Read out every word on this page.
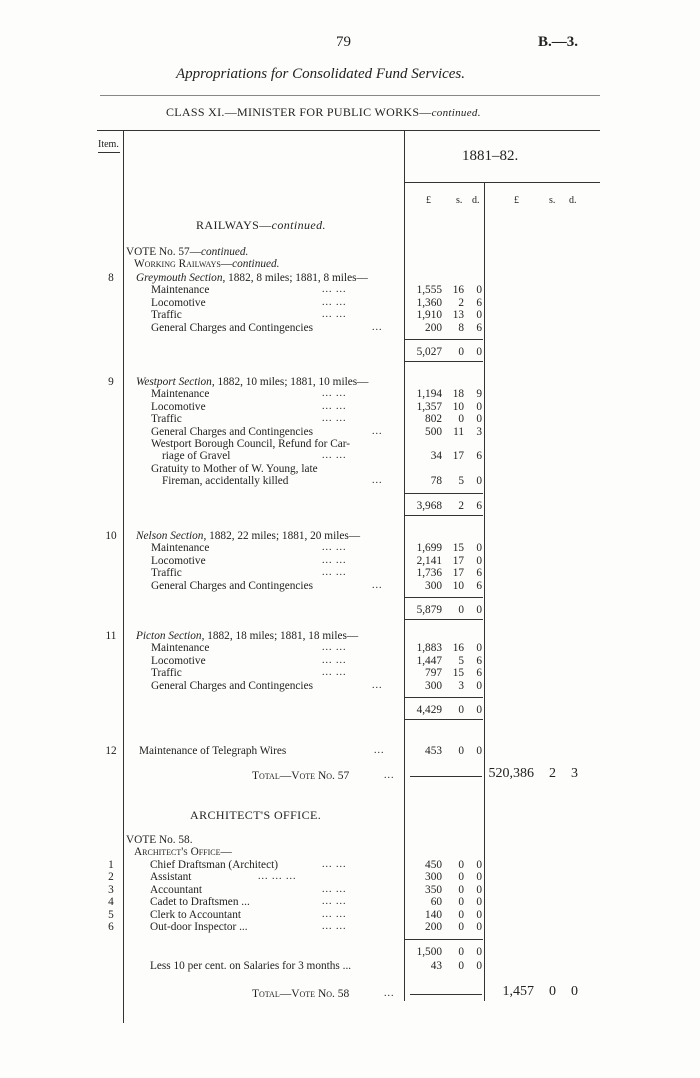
79	B.—3.
Appropriations for Consolidated Fund Services.
CLASS XI.—MINISTER FOR PUBLIC WORKS—continued.
Item.
1881–82.
£	s. d.	£	s. d.
RAILWAYS—continued.
VOTE No. 57—continued.
Working Railways—continued.
8	Greymouth Section, 1882, 8 miles; 1881, 8 miles—
Maintenance	... ...	1,555 16	0
Locomotive	... ...	1,360	2	6
Traffic	... ...	1,910 13	0
General Charges and Contingencies	...	200	8	6
5,027	0	0
9	Westport Section, 1882, 10 miles; 1881, 10 miles—
Maintenance	... ...	1,194 18	9
Locomotive	... ...	1,357 10	0
Traffic	... ...	802	0	0
General Charges and Contingencies	...	500 11	3
Westport Borough Council, Refund for Car-
riage of Gravel	... ...	34 17	6
Gratuity to Mother of W. Young, late
Fireman, accidentally killed	...	78	5	0
3,968	2	6
10 Nelson Section, 1882, 22 miles; 1881, 20 miles—
Maintenance	... ...	1,699 15	0
Locomotive	... ...	2,141 17	0
Traffic	... ...	1,736 17	6
General Charges and Contingencies	...	300 10	6
5,879	0	0
11 Picton Section, 1882, 18 miles; 1881, 18 miles—
Maintenance	... ...	1,883 16	0
Locomotive	... ...	1,447	5	6
Traffic	... ...	797 15	6
General Charges and Contingencies	...	300	3	0
4,429	0	0
12 Maintenance of Telegraph Wires	...	453	0	0
Total—Vote No. 57	...	520,386	2	3
ARCHITECT'S OFFICE.
VOTE No. 58.
Architect's Office—
1	Chief Draftsman (Architect)	... ...	450	0	0
2	Assistant	... ... ...	300	0	0
3	Accountant	... ...	350	0	0
4	Cadet to Draftsmen ...	... ...	60	0	0
5	Clerk to Accountant	... ...	140	0	0
6	Out-door Inspector ...	... ...	200	0	0
1,500	0	0
Less 10 per cent. on Salaries for 3 months ...	43	0	0
Total—Vote No. 58	...	1,457	0	0
